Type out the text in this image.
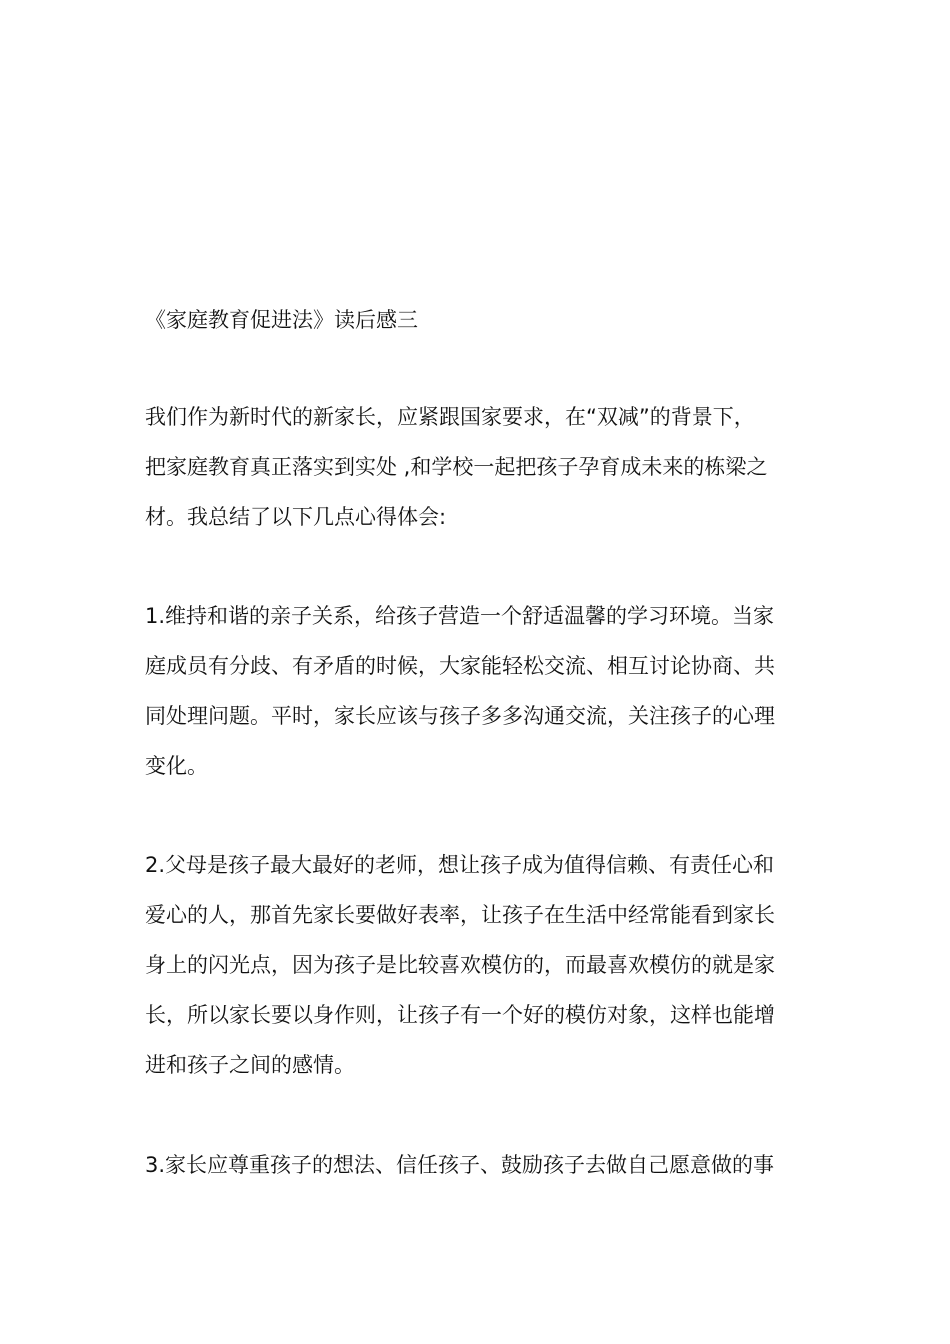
《家庭教育促进法》读后感三
我们作为新时代的新家长，应紧跟国家要求，在“双减”的背景下，
把家庭教育真正落实到实处 ,和学校一起把孩子孕育成未来的栋梁之
材。我总结了以下几点心得体会:
1.维持和谐的亲子关系，给孩子营造一个舒适温馨的学习环境。当家
庭成员有分歧、有矛盾的时候，大家能轻松交流、相互讨论协商、共
同处理问题。平时，家长应该与孩子多多沟通交流，关注孩子的心理
变化。
2.父母是孩子最大最好的老师，想让孩子成为值得信赖、有责任心和
爱心的人，那首先家长要做好表率，让孩子在生活中经常能看到家长
身上的闪光点，因为孩子是比较喜欢模仿的，而最喜欢模仿的就是家
长，所以家长要以身作则，让孩子有一个好的模仿对象，这样也能增
进和孩子之间的感情。
3.家长应尊重孩子的想法、信任孩子、鼓励孩子去做自己愿意做的事
